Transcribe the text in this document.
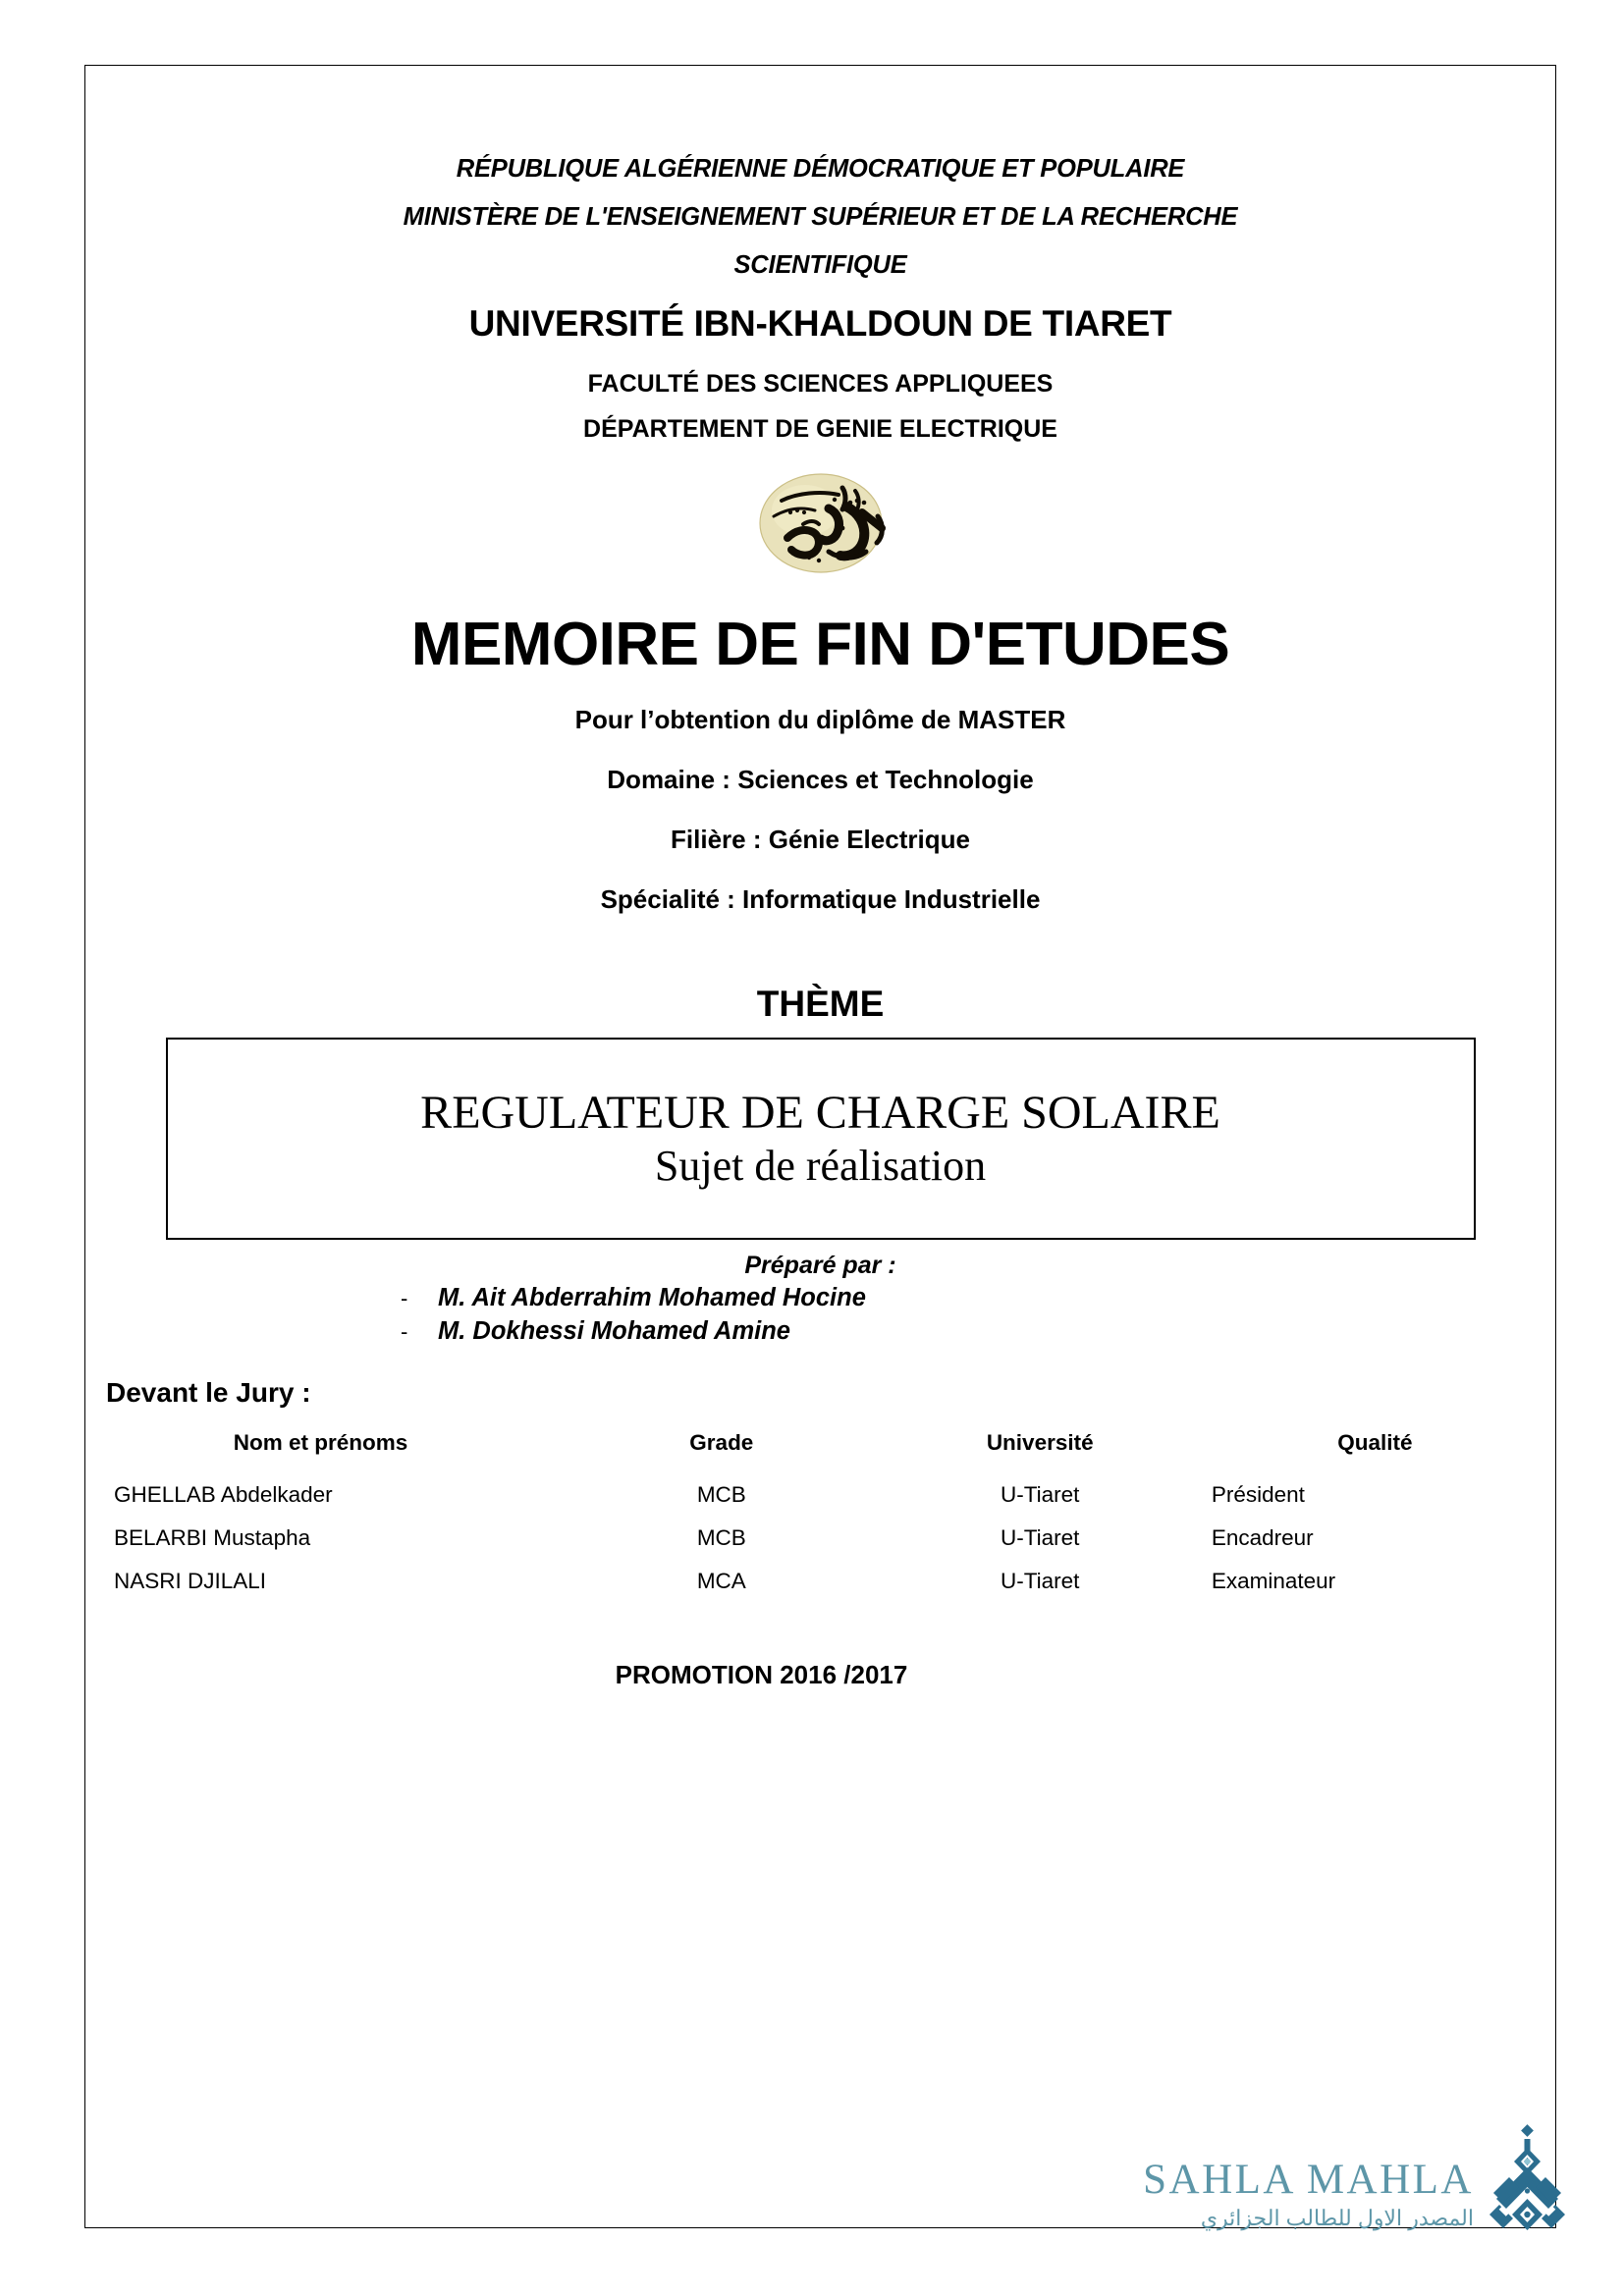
RÉPUBLIQUE ALGÉRIENNE DÉMOCRATIQUE ET POPULAIRE
MINISTÈRE DE L'ENSEIGNEMENT SUPÉRIEUR ET DE LA RECHERCHE
SCIENTIFIQUE
UNIVERSITÉ IBN-KHALDOUN DE TIARET
FACULTÉ DES SCIENCES APPLIQUEES
DÉPARTEMENT DE GENIE ELECTRIQUE
MEMOIRE DE FIN D'ETUDES
Pour l’obtention du diplôme de MASTER
Domaine : Sciences et Technologie
Filière : Génie Electrique
Spécialité : Informatique Industrielle
THÈME
REGULATEUR DE CHARGE SOLAIRE
Sujet de réalisation
Préparé par :
-	M. Ait Abderrahim Mohamed Hocine
-	M. Dokhessi Mohamed Amine
Devant le Jury :
Nom et prénoms	Grade	Université	Qualité
GHELLAB Abdelkader	MCB	U-Tiaret	Président
BELARBI Mustapha	MCB	U-Tiaret	Encadreur
NASRI DJILALI	MCA	U-Tiaret	Examinateur
PROMOTION 2016 /2017
SAHLA MAHLA
المصدر الاول للطالب الجزائري
